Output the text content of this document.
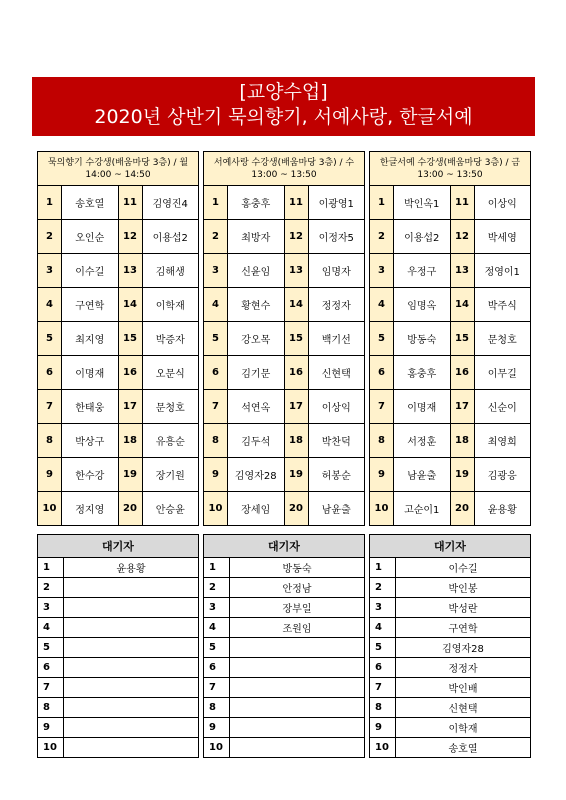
[교양수업]
2020년 상반기 묵의향기, 서예사랑, 한글서예
묵의향기 수강생(배움마당 3층) / 월 14:00 ~ 14:50			
1	송호열	11	김영진4
2	오인순	12	이용섭2
3	이수길	13	김해생
4	구연학	14	이학재
5	최지영	15	박증자
6	이명재	16	오문식
7	한태웅	17	문청호
8	박상구	18	유흥순
9	한수강	19	장기원
10	정지영	20	안승윤
대기자	
1	윤용황
2	
3	
4	
5	
6	
7	
8	
9	
10	
서예사랑 수강생(배움마당 3층) / 수 13:00 ~ 13:50			
1	홍충후	11	이광영1
2	최방자	12	이정자5
3	신윤임	13	임명자
4	황현수	14	정정자
5	강오목	15	백기선
6	김기문	16	신현택
7	석연옥	17	이상익
8	김두석	18	박찬덕
9	김영자28	19	허봉순
10	장세임	20	남윤출
대기자	
1	방동숙
2	안정남
3	장부일
4	조원임
5	
6	
7	
8	
9	
10	
한글서예 수강생(배움마당 3층) / 금 13:00 ~ 13:50			
1	박인옥1	11	이상익
2	이용섭2	12	박세영
3	우정구	13	정영이1
4	임명옥	14	박주식
5	방동숙	15	문청호
6	홍충후	16	이무길
7	이명재	17	신순이
8	서정훈	18	최영희
9	남윤출	19	김광응
10	고순이1	20	윤용황
대기자	
1	이수길
2	박인봉
3	박성란
4	구연학
5	김영자28
6	정정자
7	박인배
8	신현택
9	이학재
10	송호열
